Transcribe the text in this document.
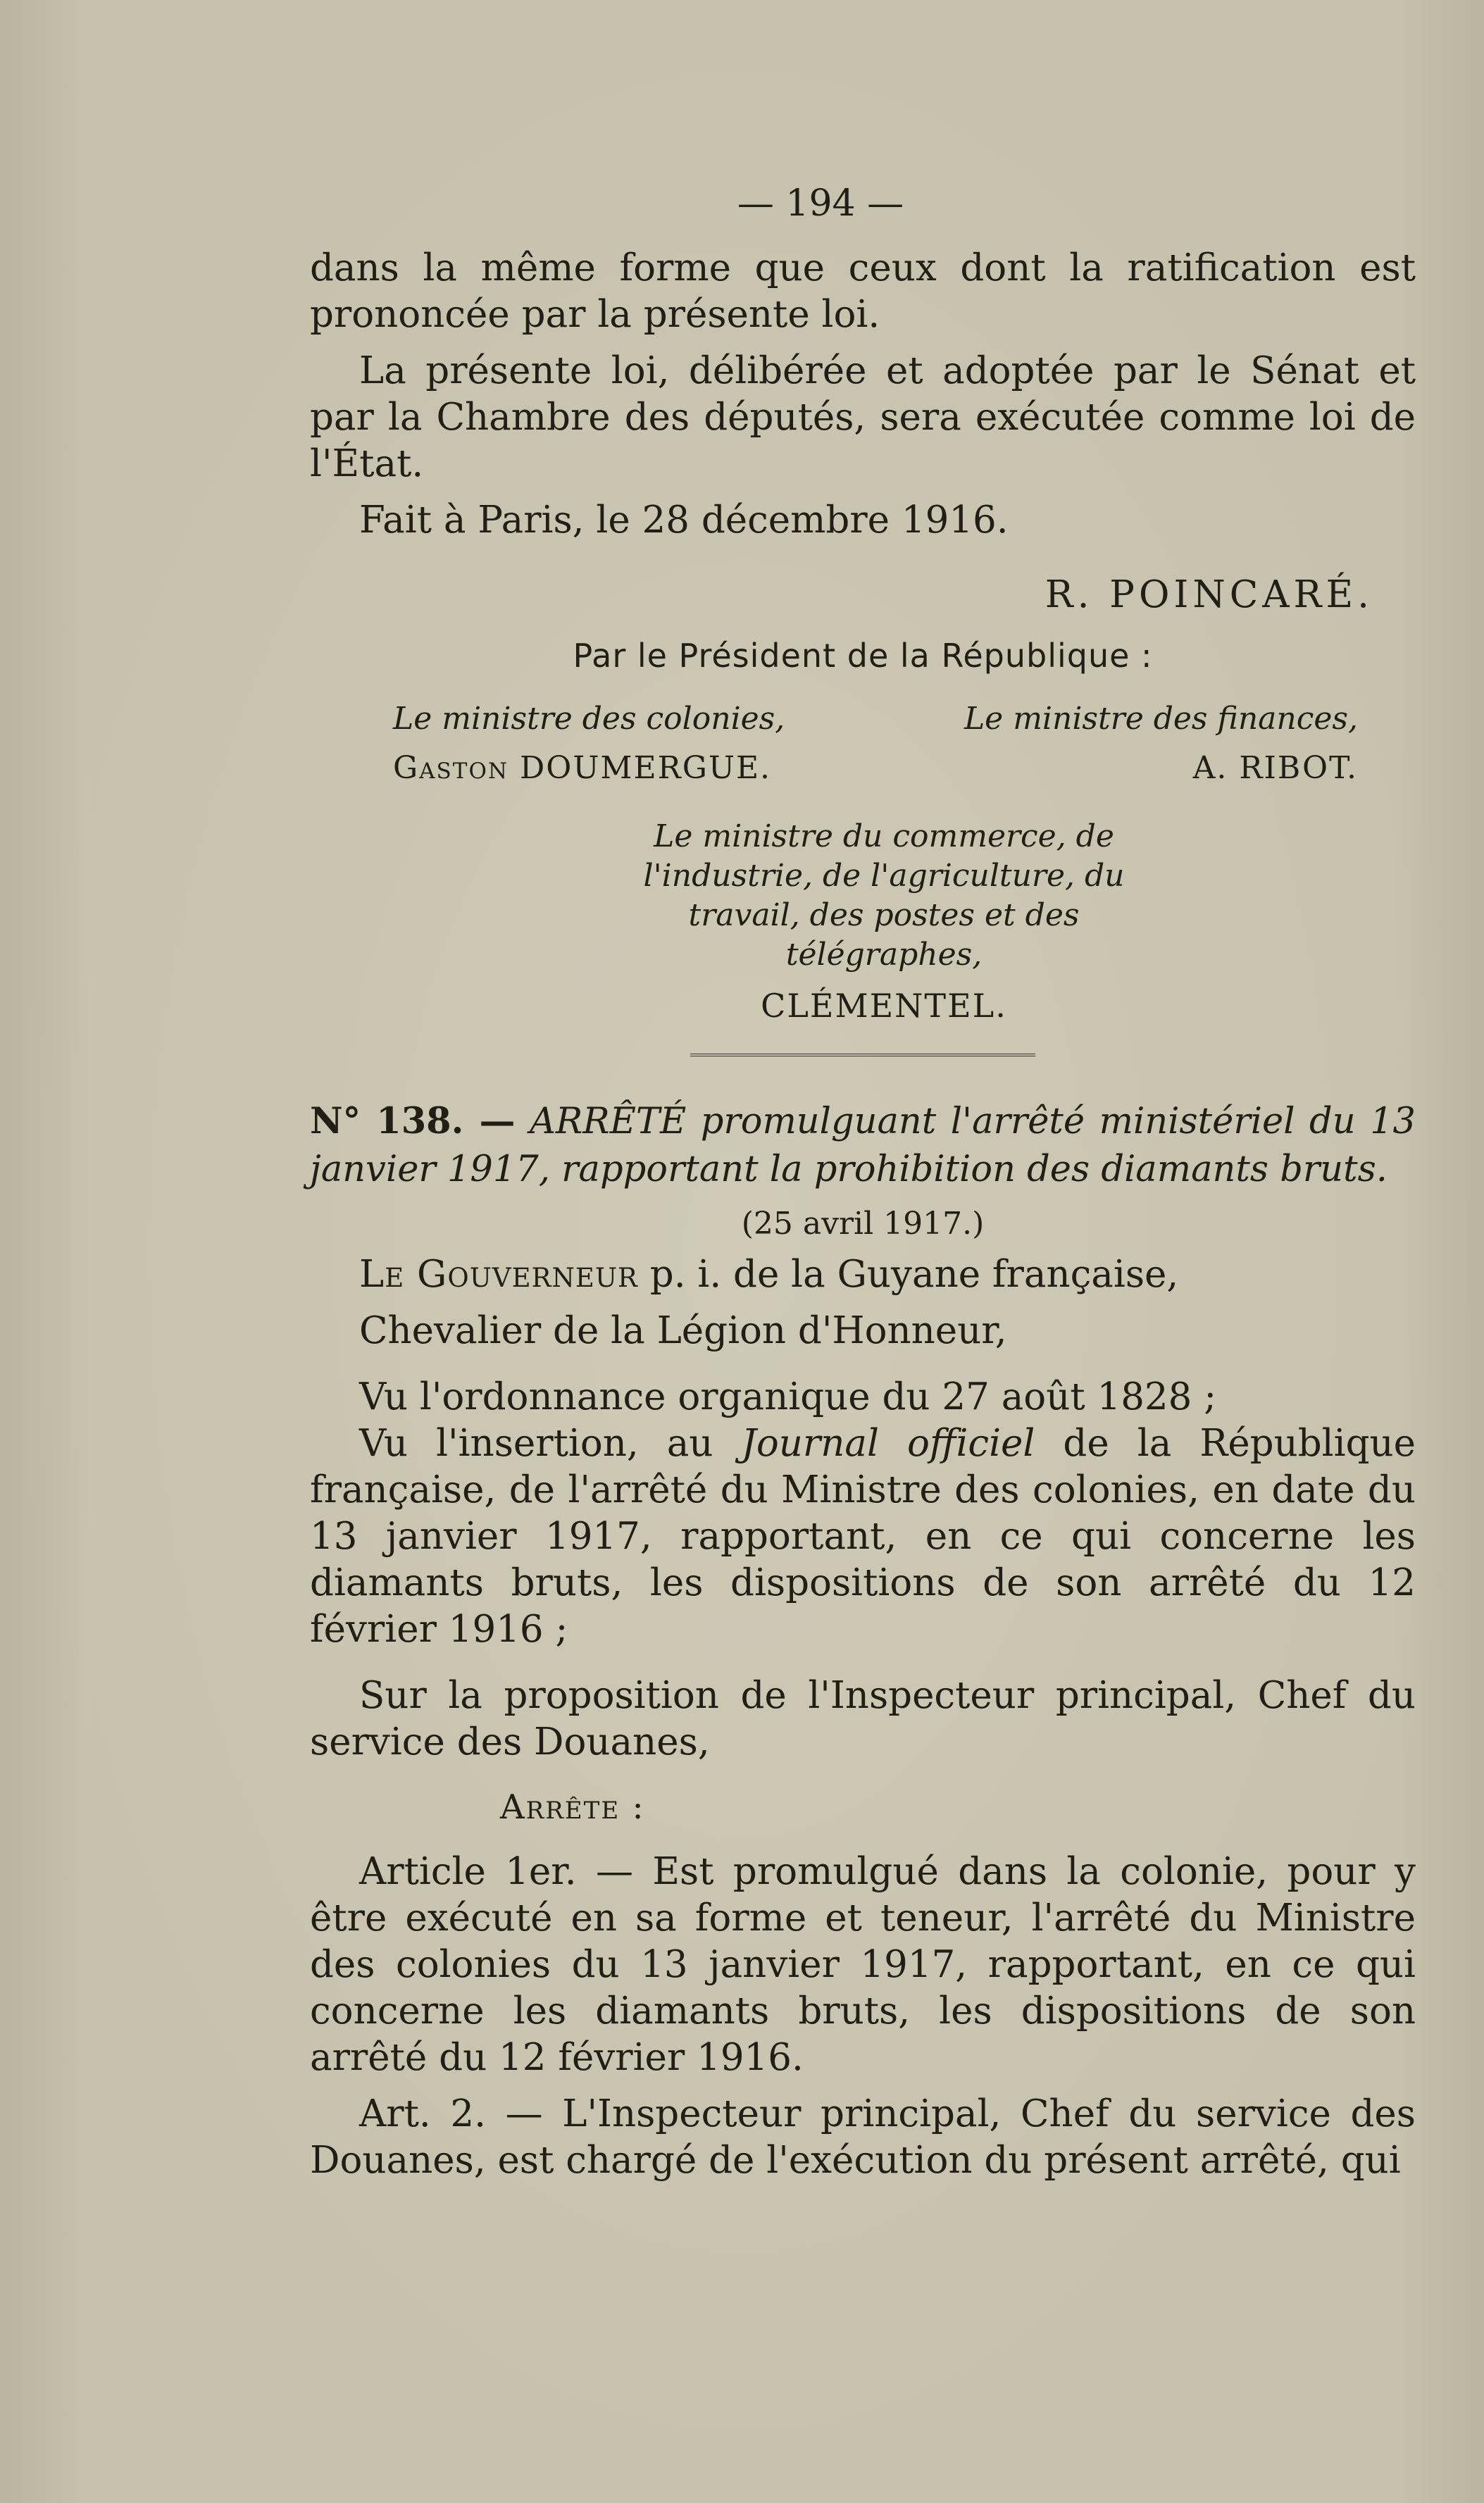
— 194 —

dans la même forme que ceux dont la ratification est prononcée par la présente loi.

La présente loi, délibérée et adoptée par le Sénat et par la Chambre des députés, sera exécutée comme loi de l'État.

Fait à Paris, le 28 décembre 1916.

R. POINCARÉ.
Par le Président de la République :
Le ministre des colonies,
Gaston DOUMERGUE.
Le ministre des finances,
A. RIBOT.
Le ministre du commerce, de l'industrie, de l'agriculture, du travail, des postes et des télégraphes,
CLÉMENTEL.

N° 138. — ARRÊTÉ promulguant l'arrêté ministériel du 13 janvier 1917, rapportant la prohibition des diamants bruts.

(25 avril 1917.)

Le Gouverneur p. i. de la Guyane française,

Chevalier de la Légion d'Honneur,

Vu l'ordonnance organique du 27 août 1828 ;

Vu l'insertion, au Journal officiel de la République française, de l'arrêté du Ministre des colonies, en date du 13 janvier 1917, rapportant, en ce qui concerne les diamants bruts, les dispositions de son arrêté du 12 février 1916 ;

Sur la proposition de l'Inspecteur principal, Chef du service des Douanes,

Arrête :

Article 1er. — Est promulgué dans la colonie, pour y être exécuté en sa forme et teneur, l'arrêté du Ministre des colonies du 13 janvier 1917, rapportant, en ce qui concerne les diamants bruts, les dispositions de son arrêté du 12 février 1916.

Art. 2. — L'Inspecteur principal, Chef du service des Douanes, est chargé de l'exécution du présent arrêté, qui
